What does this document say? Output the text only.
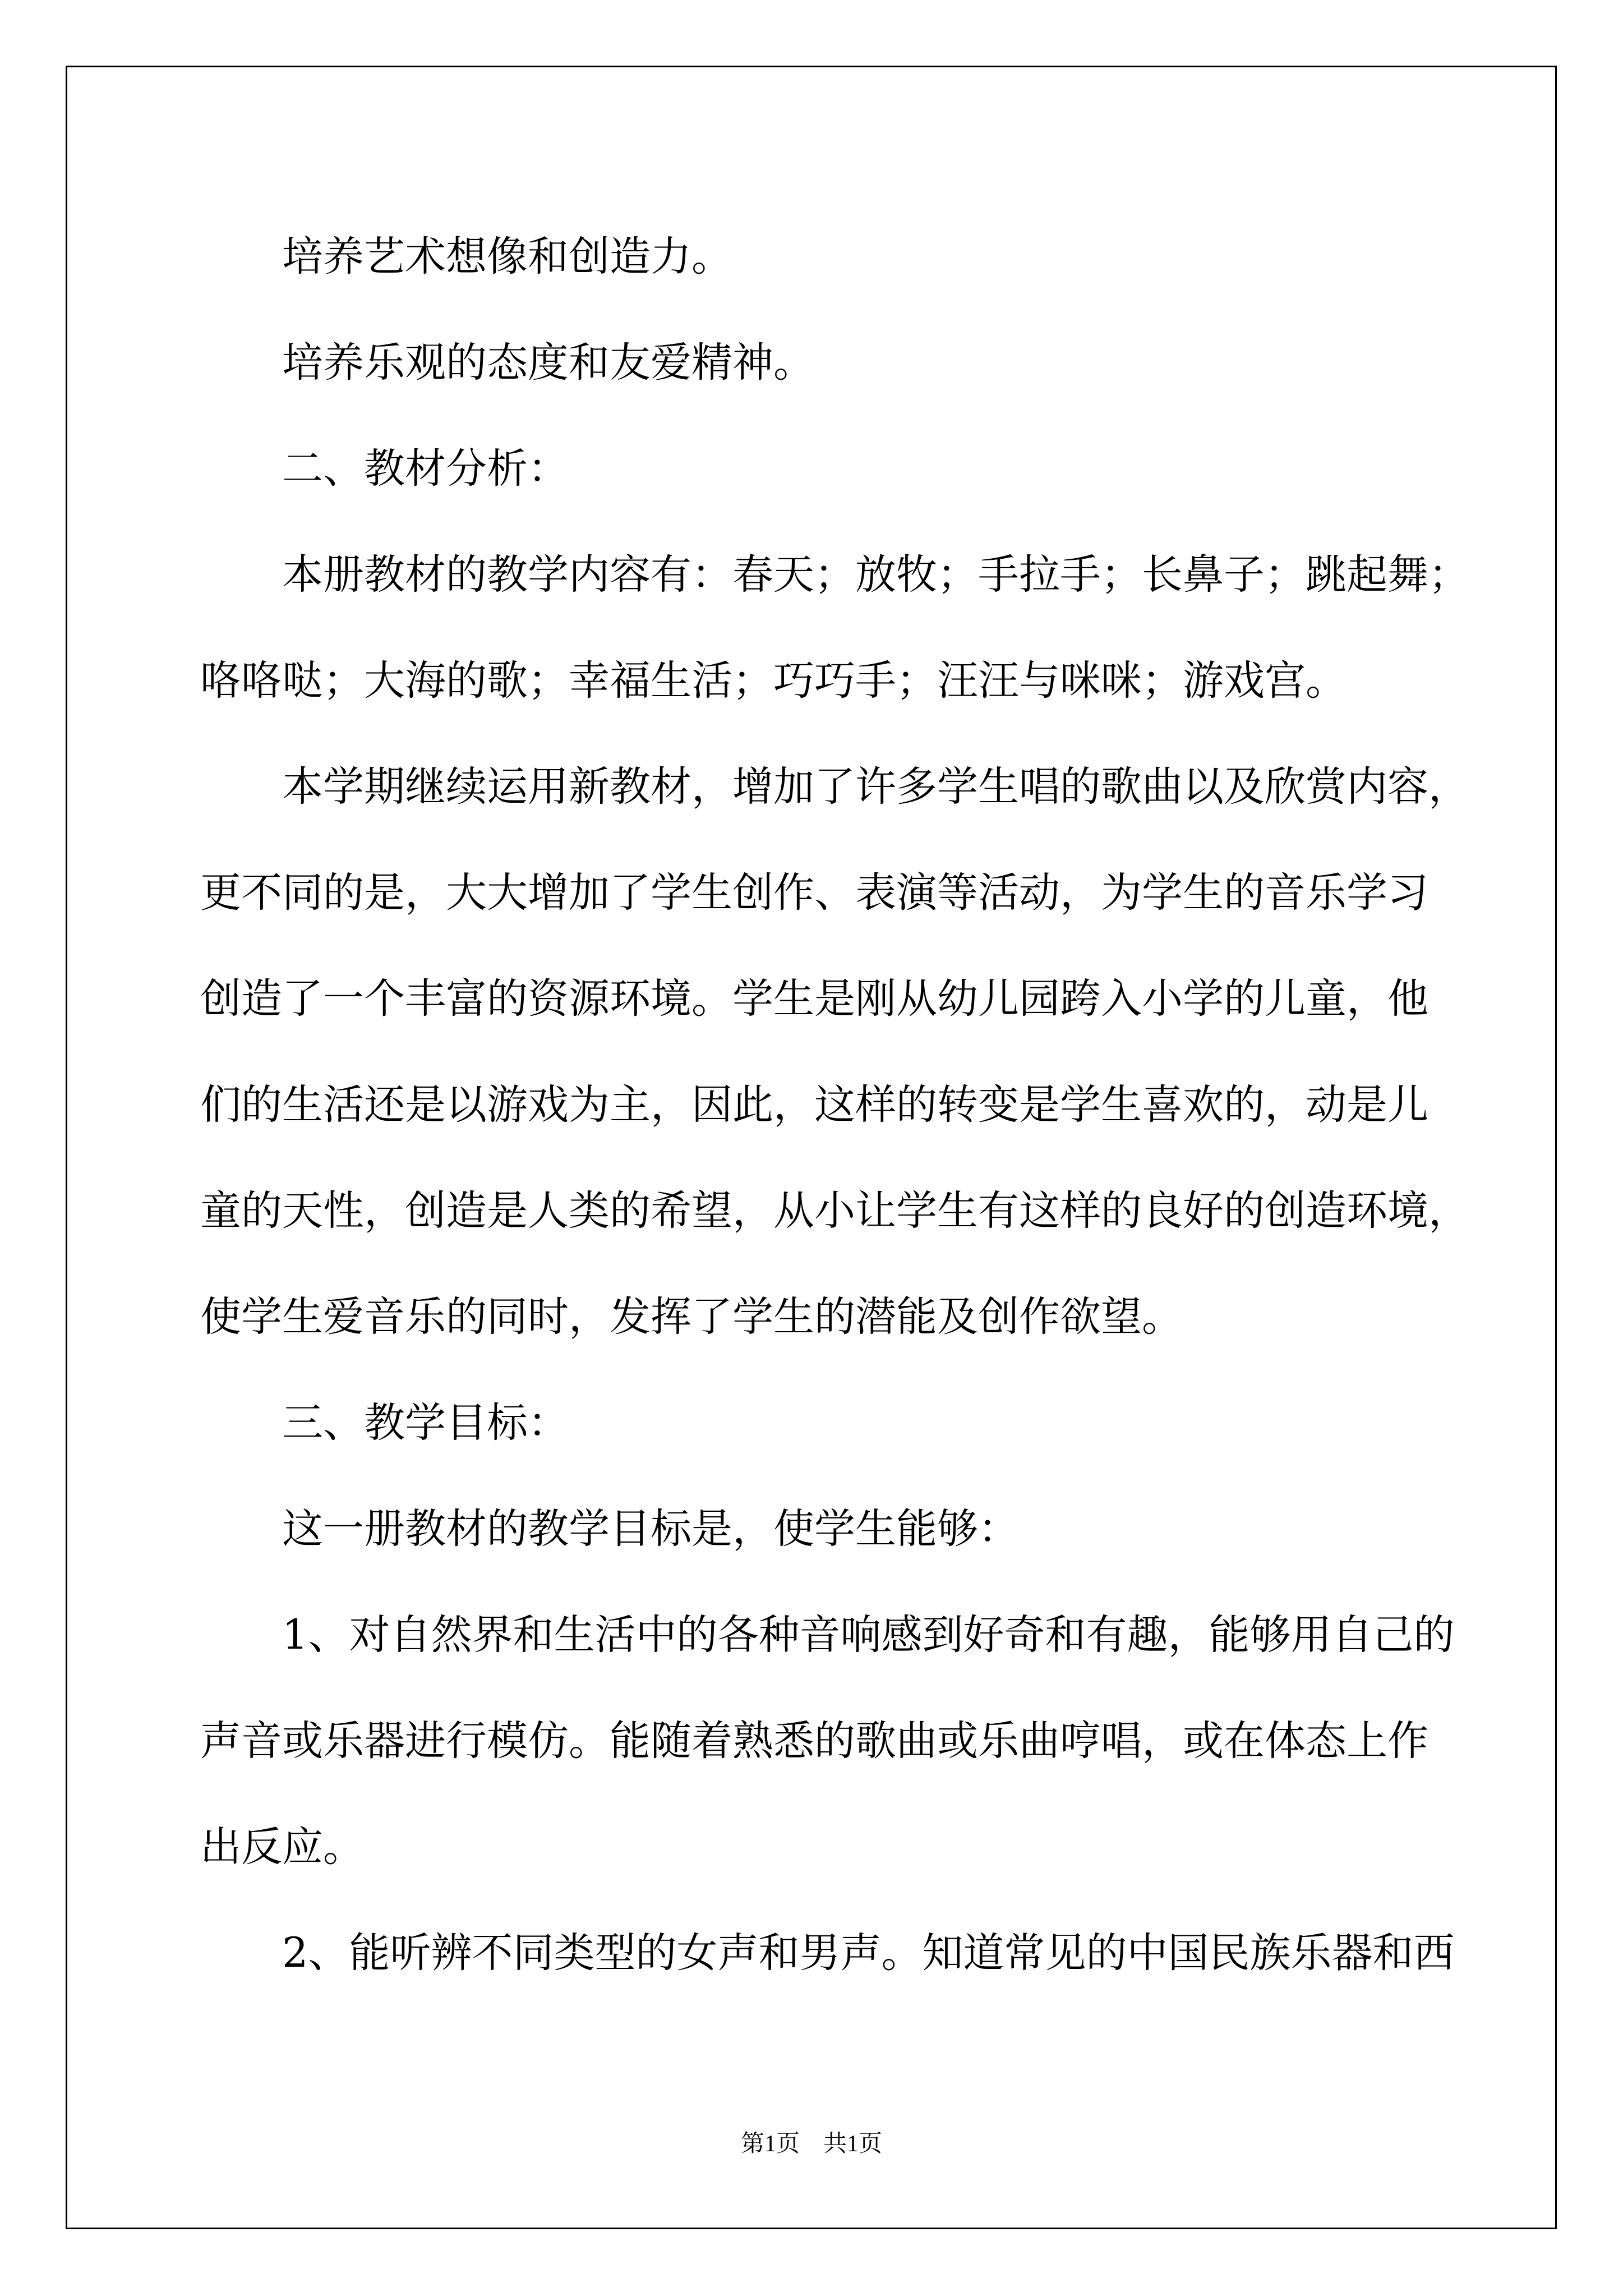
培养艺术想像和创造力。
培养乐观的态度和友爱精神。
二、教材分析：
本册教材的教学内容有：春天；放牧；手拉手；长鼻子；跳起舞；
咯咯哒；大海的歌；幸福生活；巧巧手；汪汪与咪咪；游戏宫。
本学期继续运用新教材，增加了许多学生唱的歌曲以及欣赏内容，
更不同的是，大大增加了学生创作、表演等活动，为学生的音乐学习
创造了一个丰富的资源环境。学生是刚从幼儿园跨入小学的儿童，他
们的生活还是以游戏为主，因此，这样的转变是学生喜欢的，动是儿
童的天性，创造是人类的希望，从小让学生有这样的良好的创造环境，
使学生爱音乐的同时，发挥了学生的潜能及创作欲望。
三、教学目标：
这一册教材的教学目标是，使学生能够：
1、对自然界和生活中的各种音响感到好奇和有趣，能够用自己的
声音或乐器进行模仿。能随着熟悉的歌曲或乐曲哼唱，或在体态上作
出反应。
2、能听辨不同类型的女声和男声。知道常见的中国民族乐器和西
第1页 共1页
